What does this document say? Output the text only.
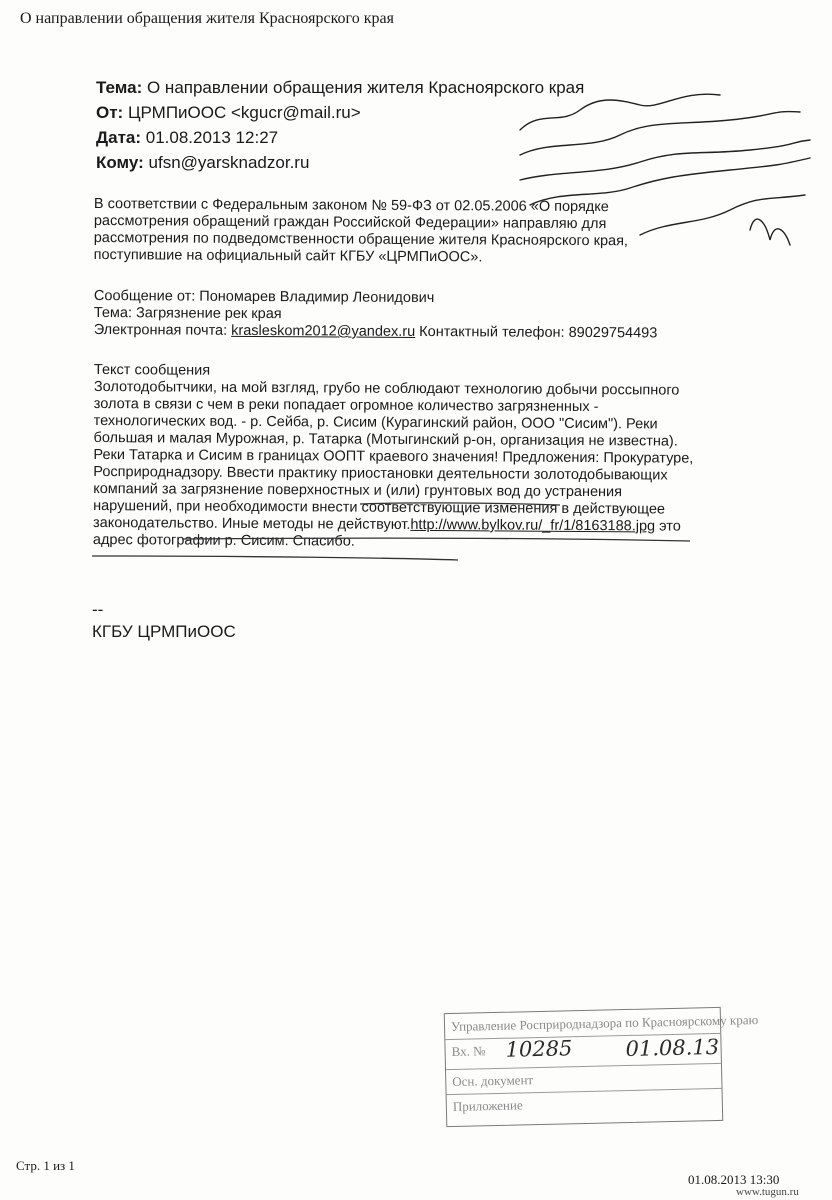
О направлении обращения жителя Красноярского края
Тема: О направлении обращения жителя Красноярского края
От: ЦРМПиООС <kgucr@mail.ru>
Дата: 01.08.2013 12:27
Кому: ufsn@yarsknadzor.ru
В соответствии с Федеральным законом № 59-ФЗ от 02.05.2006 «О порядке
рассмотрения обращений граждан Российской Федерации» направляю для
рассмотрения по подведомственности обращение жителя Красноярского края,
поступившие на официальный сайт КГБУ «ЦРМПиООС».
Сообщение от: Пономарев Владимир Леонидович
Тема: Загрязнение рек края
Электронная почта: krasleskom2012@yandex.ru Контактный телефон: 89029754493
Текст сообщения
Золотодобытчики, на мой взгляд, грубо не соблюдают технологию добычи россыпного
золота в связи с чем в реки попадает огромное количество загрязненных -
технологических вод. - р. Сейба, р. Сисим (Курагинский район, ООО "Сисим"). Реки
большая и малая Мурожная, р. Татарка (Мотыгинский р-он, организация не известна).
Реки Татарка и Сисим в границах ООПТ краевого значения! Предложения: Прокуратуре,
Росприроднадзору. Ввести практику приостановки деятельности золотодобывающих
компаний за загрязнение поверхностных и (или) грунтовых вод до устранения
нарушений, при необходимости внести соответствующие изменения в действующее
законодательство. Иные методы не действуют.http://www.bylkov.ru/_fr/1/8163188.jpg это
адрес фотографии р. Сисим. Спасибо.
--
КГБУ ЦРМПиООС
Управление Росприроднадзора по Красноярскому краю
Вх. № 10285	01.08.13
Осн. документ
Приложение
Стр. 1 из 1
01.08.2013 13:30
www.tugun.ru
